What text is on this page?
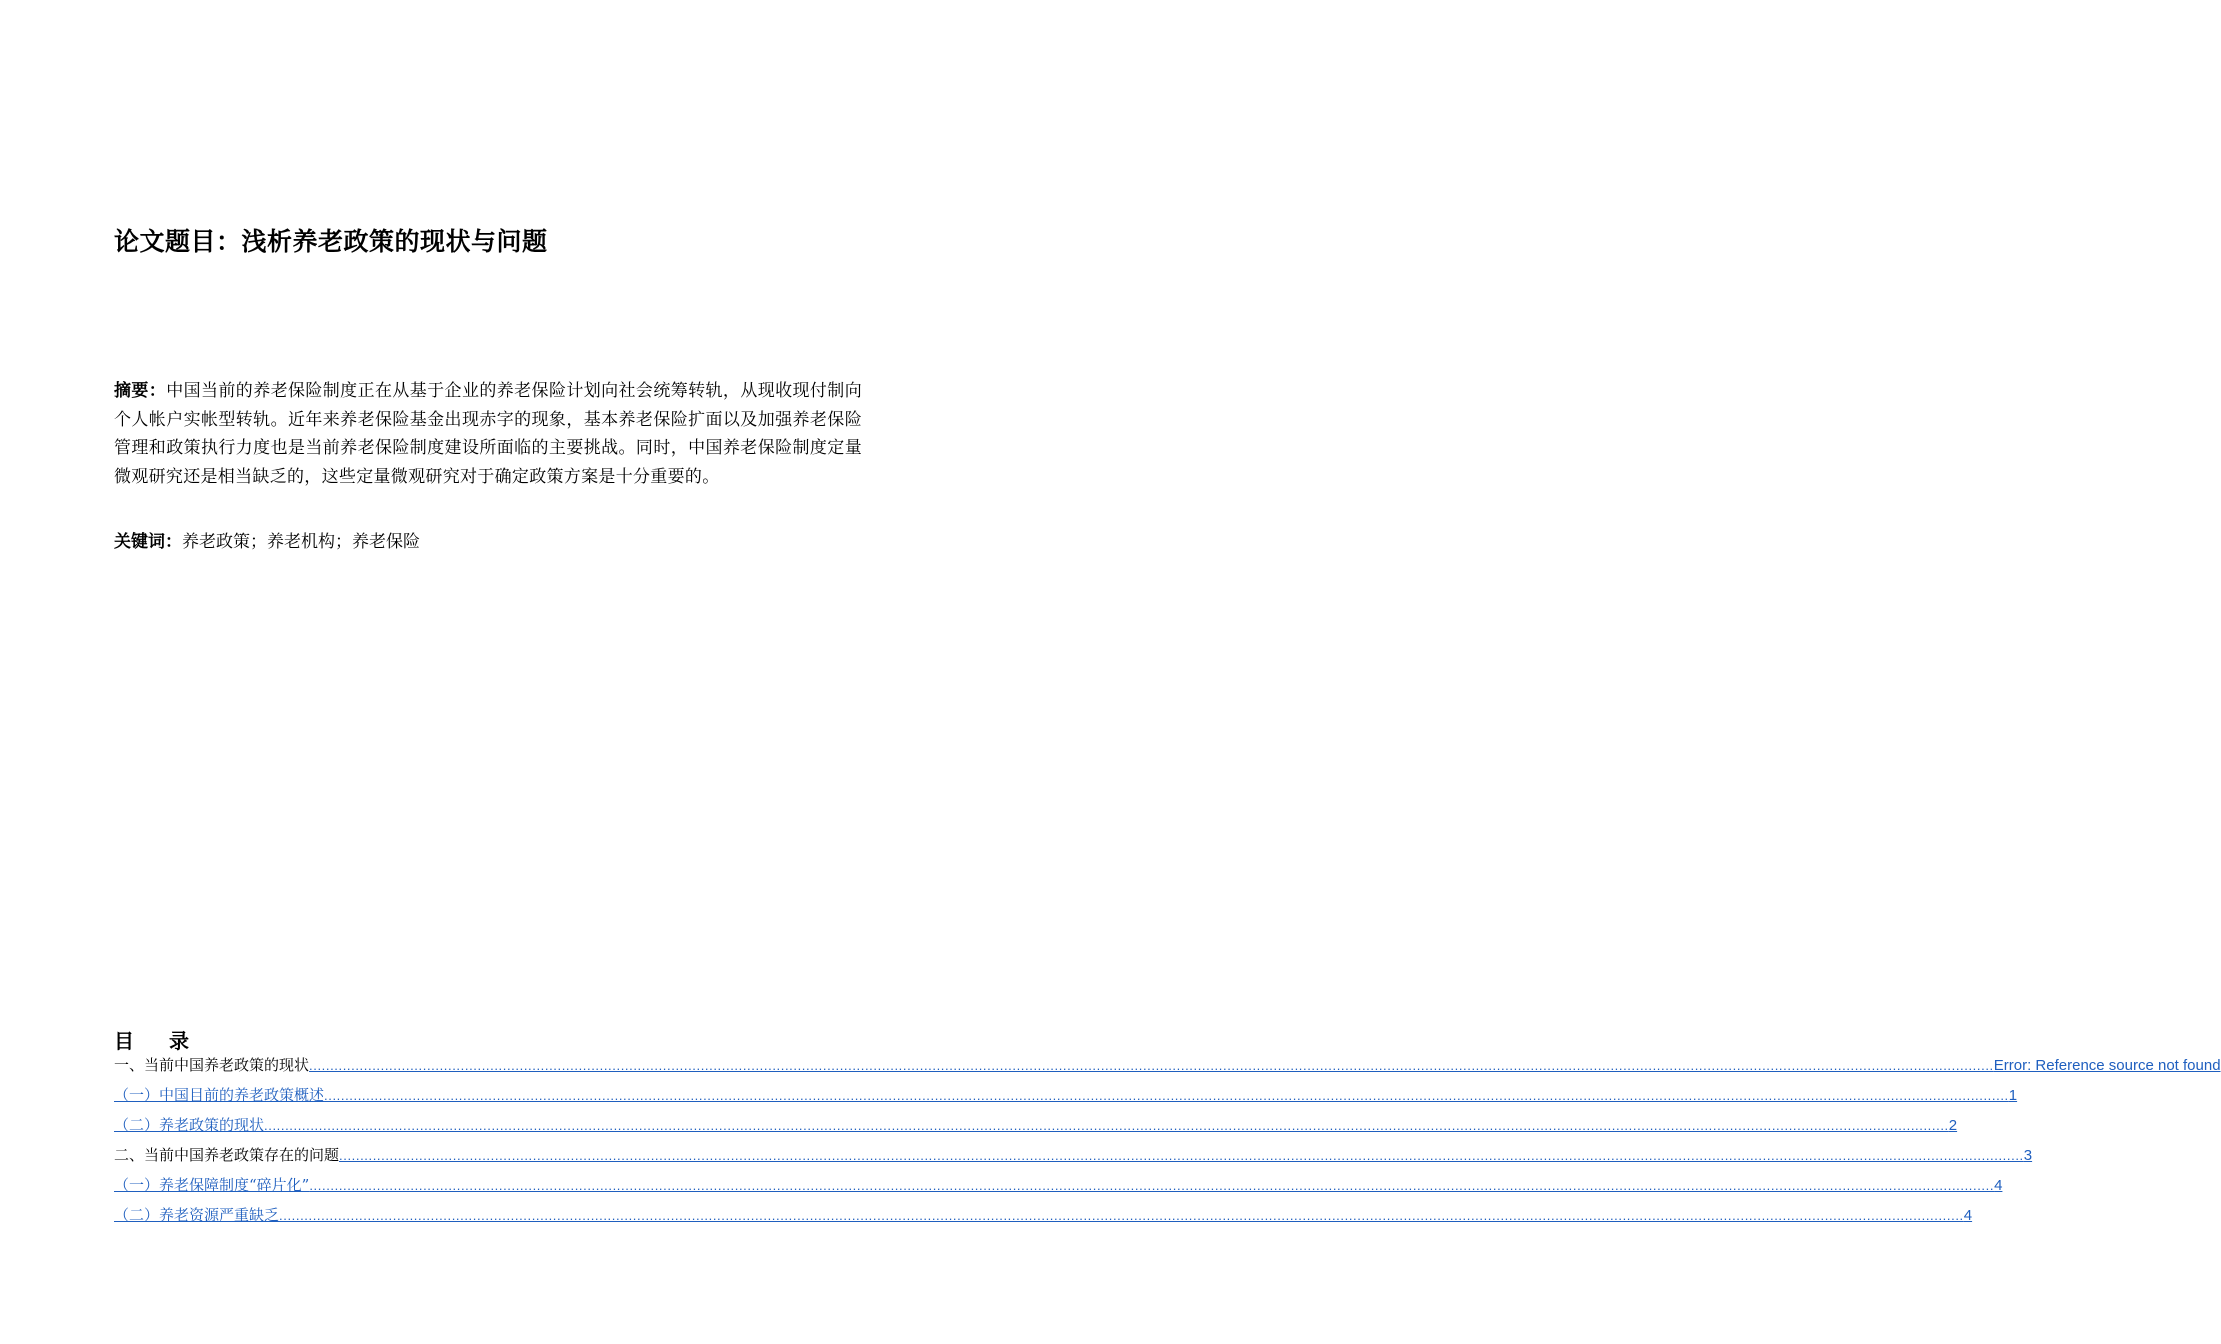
论文题目：浅析养老政策的现状与问题
摘要：中国当前的养老保险制度正在从基于企业的养老保险计划向社会统筹转轨，从现收现付制向个人帐户实帐型转轨。近年来养老保险基金出现赤字的现象，基本养老保险扩面以及加强养老保险管理和政策执行力度也是当前养老保险制度建设所面临的主要挑战。同时，中国养老保险制度定量微观研究还是相当缺乏的，这些定量微观研究对于确定政策方案是十分重要的。
关键词：养老政策；养老机构；养老保险
目 录
一、当前中国养老政策的现状 ................................................................................................................................................................................................................................................................................................................................................................................................................ Error: Reference source not found
（一）中国目前的养老政策概述 ................................................................................................................................................................................................................................................................................................................................................................................................................ 1
（二）养老政策的现状 ................................................................................................................................................................................................................................................................................................................................................................................................................ 2
二、当前中国养老政策存在的问题 ................................................................................................................................................................................................................................................................................................................................................................................................................ 3
（一）养老保障制度“碎片化” ................................................................................................................................................................................................................................................................................................................................................................................................................ 4
（二）养老资源严重缺乏 ................................................................................................................................................................................................................................................................................................................................................................................................................ 4
